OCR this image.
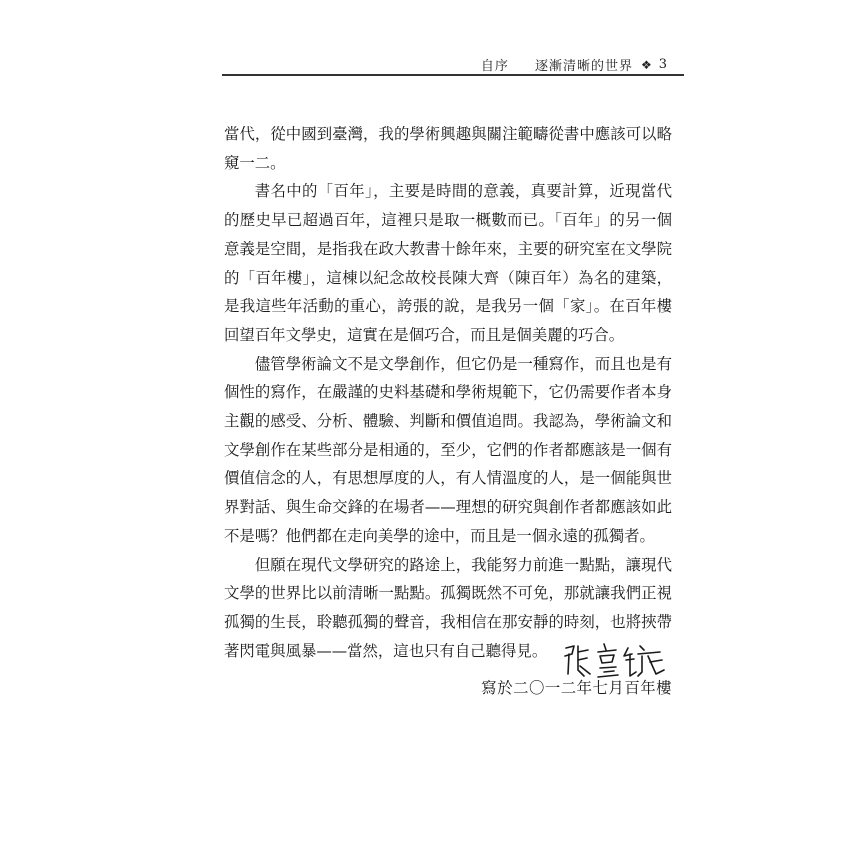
自序 逐漸清晰的世界 ❖ 3

當代，從中國到臺灣，我的學術興趣與關注範疇從書中應該可以略窺一二。

書名中的「百年」，主要是時間的意義，真要計算，近現當代的歷史早已超過百年，這裡只是取一概數而已。「百年」的另一個意義是空間，是指我在政大教書十餘年來，主要的研究室在文學院的「百年樓」，這棟以紀念故校長陳大齊（陳百年）為名的建築，是我這些年活動的重心，誇張的說，是我另一個「家」。在百年樓回望百年文學史，這實在是個巧合，而且是個美麗的巧合。

儘管學術論文不是文學創作，但它仍是一種寫作，而且也是有個性的寫作，在嚴謹的史料基礎和學術規範下，它仍需要作者本身主觀的感受、分析、體驗、判斷和價值追問。我認為，學術論文和文學創作在某些部分是相通的，至少，它們的作者都應該是一個有價值信念的人，有思想厚度的人，有人情溫度的人，是一個能與世界對話、與生命交鋒的在場者——理想的研究與創作者都應該如此不是嗎？他們都在走向美學的途中，而且是一個永遠的孤獨者。

但願在現代文學研究的路途上，我能努力前進一點點，讓現代文學的世界比以前清晰一點點。孤獨既然不可免，那就讓我們正視孤獨的生長，聆聽孤獨的聲音，我相信在那安靜的時刻，也將挾帶著閃電與風暴——當然，這也只有自己聽得見。

寫於二〇一二年七月百年樓
